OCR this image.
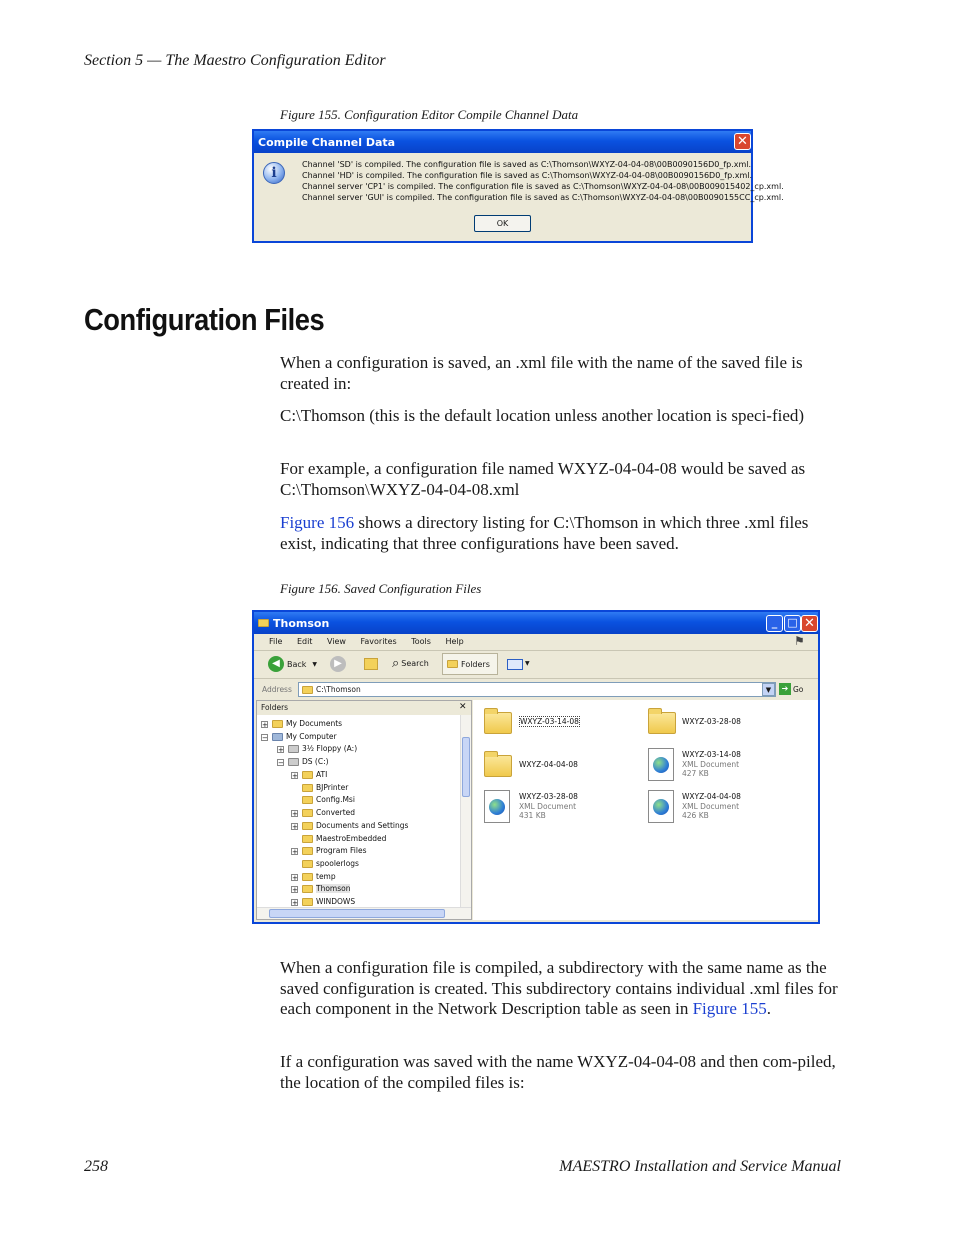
Section 5 — The Maestro Configuration Editor
Figure 155. Configuration Editor Compile Channel Data
Compile Channel Data	✕
i
Channel 'SD' is compiled. The configuration file is saved as C:\Thomson\WXYZ-04-04-08\00B0090156D0_fp.xml.
Channel 'HD' is compiled. The configuration file is saved as C:\Thomson\WXYZ-04-04-08\00B0090156D0_fp.xml.
Channel server 'CP1' is compiled. The configuration file is saved as C:\Thomson\WXYZ-04-04-08\00B009015402_cp.xml.
Channel server 'GUI' is compiled. The configuration file is saved as C:\Thomson\WXYZ-04-04-08\00B0090155CC_cp.xml.
OK
Configuration Files
When a configuration is saved, an .xml file with the name of the saved file is created in:
C:\Thomson (this is the default location unless another location is speci-fied)
For example, a configuration file named WXYZ-04-04-08 would be saved as C:\Thomson\WXYZ-04-04-08.xml
Figure 156 shows a directory listing for C:\Thomson in which three .xml files exist, indicating that three configurations have been saved.
Figure 156. Saved Configuration Files
Thomson	_ □ ✕
File Edit View Favorites Tools Help	⚑
◀ Back ▼	▶	⌕ Search	Folders	▼
Address	C:\Thomson	▼	➔ Go
Folders	✕
+ My Documents
− My Computer
+ 3½ Floppy (A:)
− DS (C:)
+ ATI
BJPrinter
Config.Msi
+ Converted
+ Documents and Settings
MaestroEmbedded
+ Program Files
spoolerlogs
+ temp
+ Thomson
+ WINDOWS
WXYZ-03-14-08	WXYZ-03-28-08
WXYZ-04-04-08
WXYZ-03-14-08
XML Document
427 KB
WXYZ-03-28-08
XML Document
431 KB
WXYZ-04-04-08
XML Document
426 KB
When a configuration file is compiled, a subdirectory with the same name as the saved configuration is created. This subdirectory contains individual .xml files for each component in the Network Description table as seen in Figure 155.
If a configuration was saved with the name WXYZ-04-04-08 and then com-piled, the location of the compiled files is:
258	MAESTRO Installation and Service Manual
